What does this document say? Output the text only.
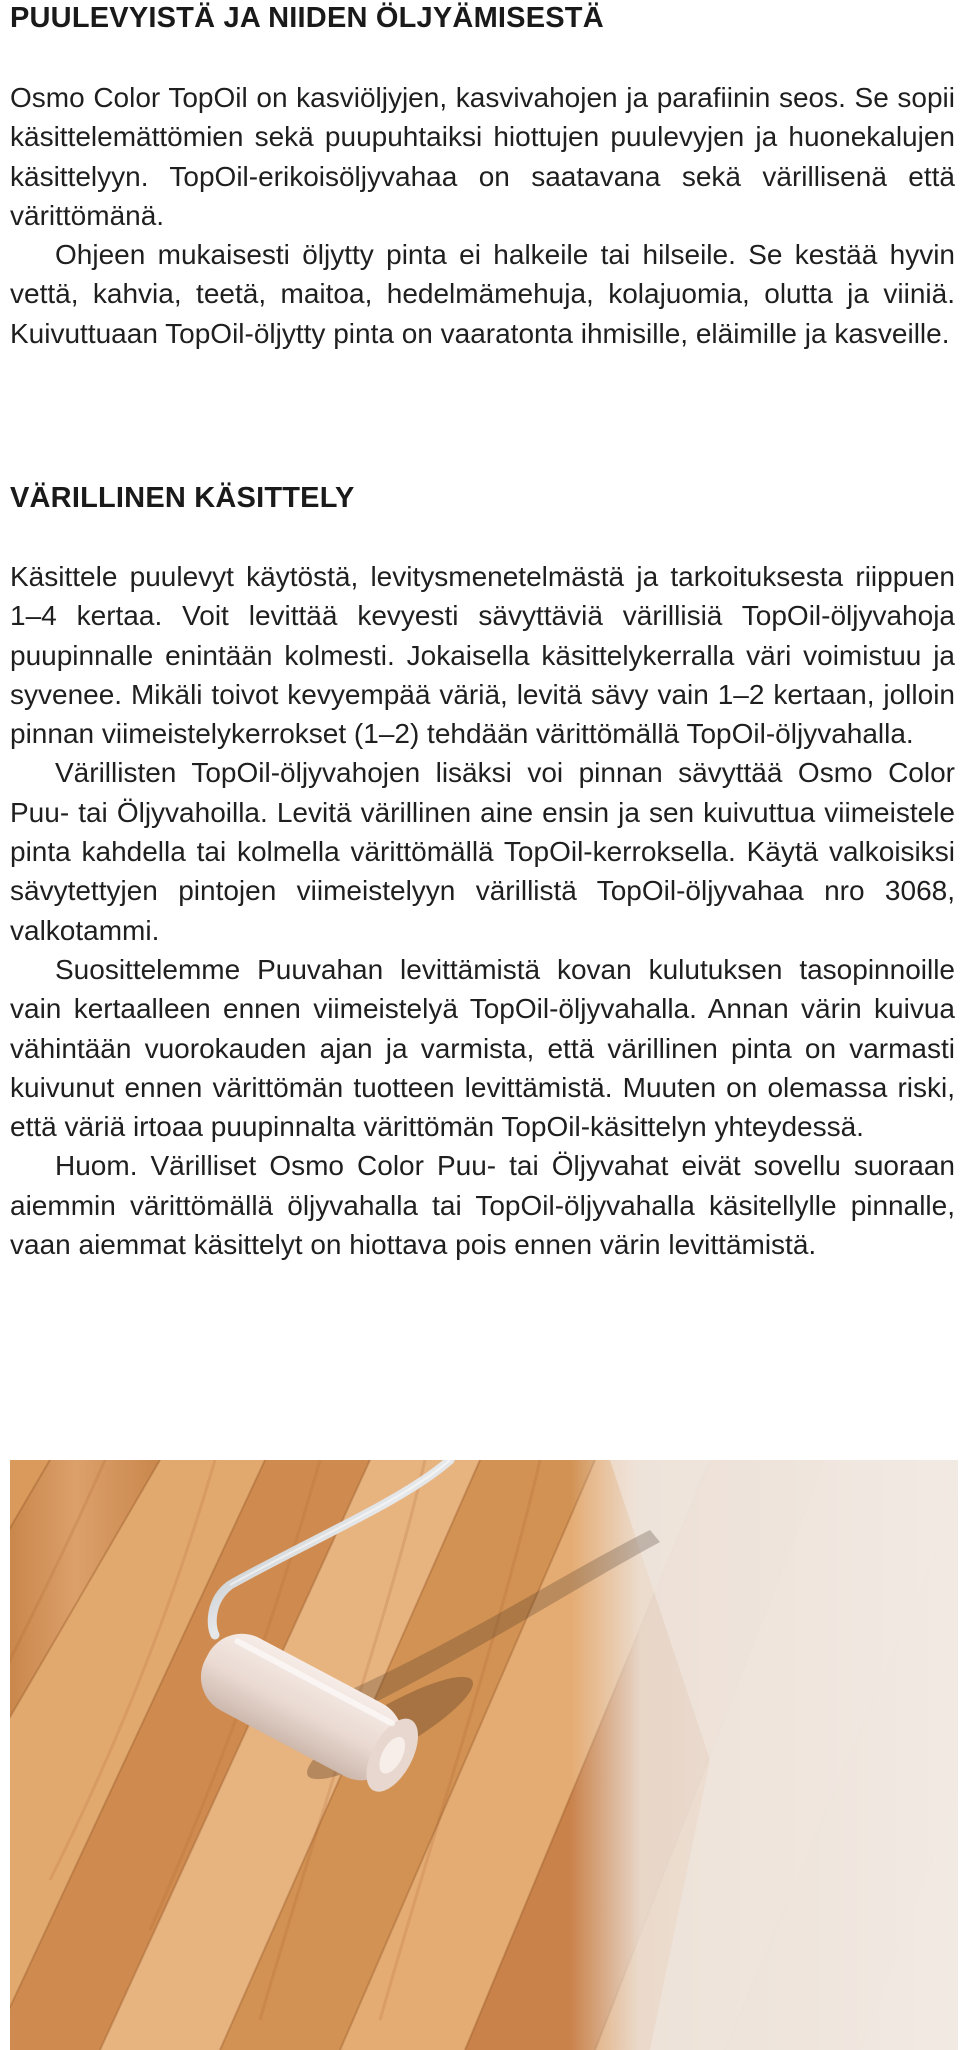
PUULEVYISTÄ JA NIIDEN ÖLJYÄMISESTÄ

Osmo Color TopOil on kasviöljyjen, kasvivahojen ja parafiinin seos. Se sopii käsittelemättömien sekä puupuhtaiksi hiottujen puulevyjen ja huonekalujen käsittelyyn. TopOil-erikoisöljyvahaa on saatavana sekä värillisenä että värittömänä.

Ohjeen mukaisesti öljytty pinta ei halkeile tai hilseile. Se kestää hyvin vettä, kahvia, teetä, maitoa, hedelmämehuja, kolajuomia, olutta ja viiniä. Kuivuttuaan TopOil-öljytty pinta on vaaratonta ihmisille, eläimille ja kasveille.

VÄRILLINEN KÄSITTELY

Käsittele puulevyt käytöstä, levitysmenetelmästä ja tarkoituksesta riippuen 1–4 kertaa. Voit levittää kevyesti sävyttäviä värillisiä TopOil-öljyvahoja puupinnalle enintään kolmesti. Jokaisella käsittelykerralla väri voimistuu ja syvenee. Mikäli toivot kevyempää väriä, levitä sävy vain 1–2 kertaan, jolloin pinnan viimeistelykerrokset (1–2) tehdään värittömällä TopOil-öljyvahalla.

Värillisten TopOil-öljyvahojen lisäksi voi pinnan sävyttää Osmo Color Puu- tai Öljyvahoilla. Levitä värillinen aine ensin ja sen kuivuttua viimeistele pinta kahdella tai kolmella värittömällä TopOil-kerroksella. Käytä valkoisiksi sävytettyjen pintojen viimeistelyyn värillistä TopOil-öljyvahaa nro 3068, valkotammi.

Suosittelemme Puuvahan levittämistä kovan kulutuksen tasopinnoille vain kertaalleen ennen viimeistelyä TopOil-öljyvahalla. Annan värin kuivua vähintään vuorokauden ajan ja varmista, että värillinen pinta on varmasti kuivunut ennen värittömän tuotteen levittämistä. Muuten on olemassa riski, että väriä irtoaa puupinnalta värittömän TopOil-käsittelyn yhteydessä.

Huom. Värilliset Osmo Color Puu- tai Öljyvahat eivät sovellu suoraan aiemmin värittömällä öljyvahalla tai TopOil-öljyvahalla käsitellylle pinnalle, vaan aiemmat käsittelyt on hiottava pois ennen värin levittämistä.
